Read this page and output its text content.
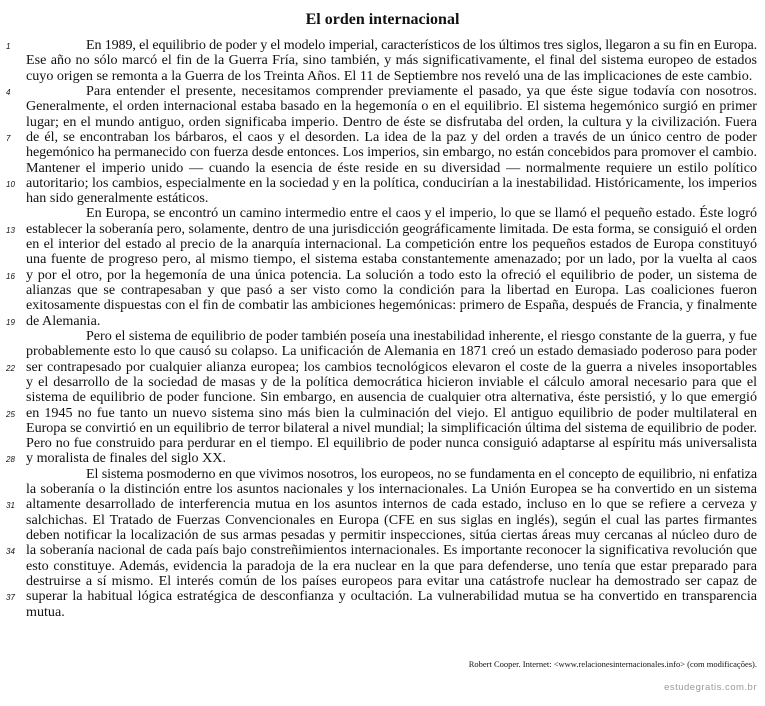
El orden internacional
1	En 1989, el equilibrio de poder y el modelo imperial, característicos de los últimos tres siglos, llegaron a su fin en Europa.
Ese año no sólo marcó el fin de la Guerra Fría, sino también, y más significativamente, el final del sistema europeo de estados
cuyo origen se remonta a la Guerra de los Treinta Años. El 11 de Septiembre nos reveló una de las implicaciones de este cambio.
4	Para entender el presente, necesitamos comprender previamente el pasado, ya que éste sigue todavía con nosotros.
Generalmente, el orden internacional estaba basado en la hegemonía o en el equilibrio. El sistema hegemónico surgió en primer
lugar; en el mundo antiguo, orden significaba imperio. Dentro de éste se disfrutaba del orden, la cultura y la civilización. Fuera
7	de él, se encontraban los bárbaros, el caos y el desorden. La idea de la paz y del orden a través de un único centro de poder
hegemónico ha permanecido con fuerza desde entonces. Los imperios, sin embargo, no están concebidos para promover el cambio.
Mantener el imperio unido — cuando la esencia de éste reside en su diversidad — normalmente requiere un estilo político
10 autoritario; los cambios, especialmente en la sociedad y en la política, conducirían a la inestabilidad. Históricamente, los imperios
han sido generalmente estáticos.
En Europa, se encontró un camino intermedio entre el caos y el imperio, lo que se llamó el pequeño estado. Éste logró
13 establecer la soberanía pero, solamente, dentro de una jurisdicción geográficamente limitada. De esta forma, se consiguió el orden
en el interior del estado al precio de la anarquía internacional. La competición entre los pequeños estados de Europa constituyó
una fuente de progreso pero, al mismo tiempo, el sistema estaba constantemente amenazado; por un lado, por la vuelta al caos
16 y por el otro, por la hegemonía de una única potencia. La solución a todo esto la ofreció el equilibrio de poder, un sistema de
alianzas que se contrapesaban y que pasó a ser visto como la condición para la libertad en Europa. Las coaliciones fueron
exitosamente dispuestas con el fin de combatir las ambiciones hegemónicas: primero de España, después de Francia, y finalmente
19 de Alemania.
Pero el sistema de equilibrio de poder también poseía una inestabilidad inherente, el riesgo constante de la guerra, y fue
probablemente esto lo que causó su colapso. La unificación de Alemania en 1871 creó un estado demasiado poderoso para poder
22 ser contrapesado por cualquier alianza europea; los cambios tecnológicos elevaron el coste de la guerra a niveles insoportables
y el desarrollo de la sociedad de masas y de la política democrática hicieron inviable el cálculo amoral necesario para que el
sistema de equilibrio de poder funcione. Sin embargo, en ausencia de cualquier otra alternativa, éste persistió, y lo que emergió
25 en 1945 no fue tanto un nuevo sistema sino más bien la culminación del viejo. El antiguo equilibrio de poder multilateral en
Europa se convirtió en un equilibrio de terror bilateral a nivel mundial; la simplificación última del sistema de equilibrio de poder.
Pero no fue construido para perdurar en el tiempo. El equilibrio de poder nunca consiguió adaptarse al espíritu más universalista
28 y moralista de finales del siglo XX.
El sistema posmoderno en que vivimos nosotros, los europeos, no se fundamenta en el concepto de equilibrio, ni enfatiza
la soberanía o la distinción entre los asuntos nacionales y los internacionales. La Unión Europea se ha convertido en un sistema
31 altamente desarrollado de interferencia mutua en los asuntos internos de cada estado, incluso en lo que se refiere a cerveza y
salchichas. El Tratado de Fuerzas Convencionales en Europa (CFE en sus siglas en inglés), según el cual las partes firmantes
deben notificar la localización de sus armas pesadas y permitir inspecciones, sitúa ciertas áreas muy cercanas al núcleo duro de
34 la soberanía nacional de cada país bajo constreñimientos internacionales. Es importante reconocer la significativa revolución que
esto constituye. Además, evidencia la paradoja de la era nuclear en la que para defenderse, uno tenía que estar preparado para
destruirse a sí mismo. El interés común de los países europeos para evitar una catástrofe nuclear ha demostrado ser capaz de
37 superar la habitual lógica estratégica de desconfianza y ocultación. La vulnerabilidad mutua se ha convertido en transparencia
mutua.
Robert Cooper. Internet: <www.relacionesinternacionales.info> (com modificações).
estudegratis.com.br
